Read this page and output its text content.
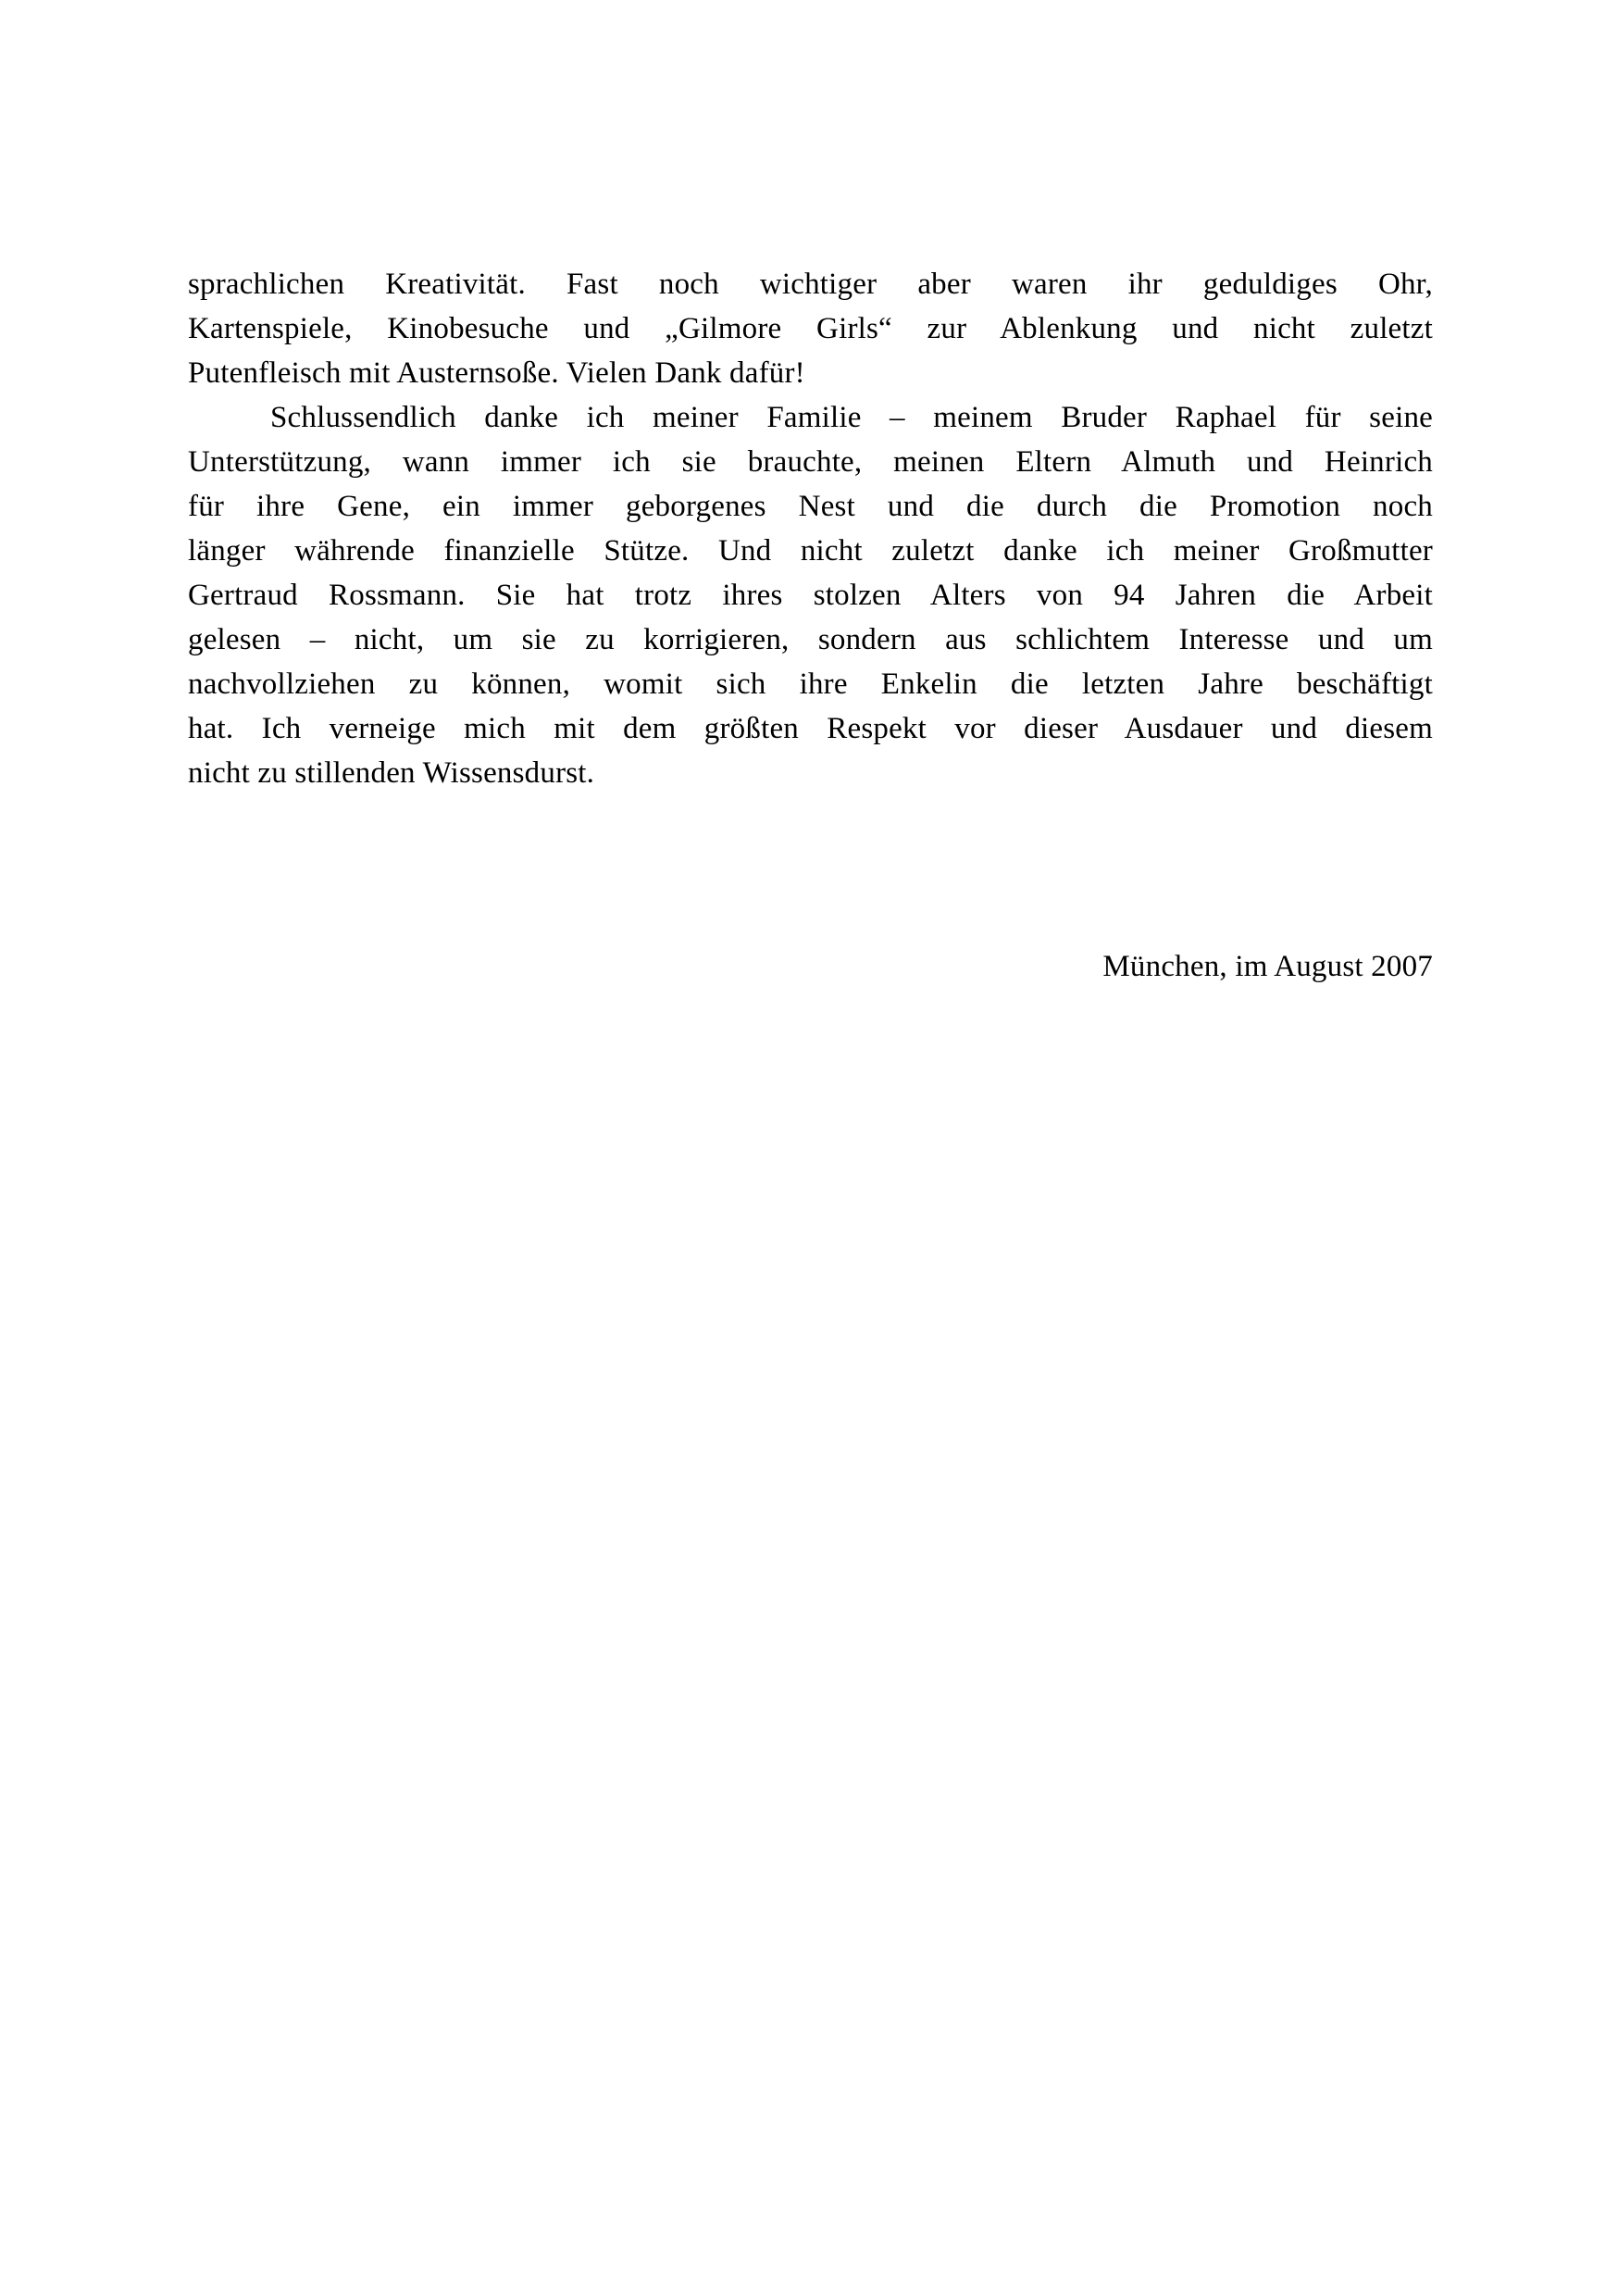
sprachlichen Kreativität. Fast noch wichtiger aber waren ihr geduldiges Ohr,
Kartenspiele, Kinobesuche und „Gilmore Girls“ zur Ablenkung und nicht zuletzt
Putenfleisch mit Austernsoße. Vielen Dank dafür!
Schlussendlich danke ich meiner Familie – meinem Bruder Raphael für seine
Unterstützung, wann immer ich sie brauchte, meinen Eltern Almuth und Heinrich
für ihre Gene, ein immer geborgenes Nest und die durch die Promotion noch
länger währende finanzielle Stütze. Und nicht zuletzt danke ich meiner Großmutter
Gertraud Rossmann. Sie hat trotz ihres stolzen Alters von 94 Jahren die Arbeit
gelesen – nicht, um sie zu korrigieren, sondern aus schlichtem Interesse und um
nachvollziehen zu können, womit sich ihre Enkelin die letzten Jahre beschäftigt
hat. Ich verneige mich mit dem größten Respekt vor dieser Ausdauer und diesem
nicht zu stillenden Wissensdurst.
München, im August 2007
